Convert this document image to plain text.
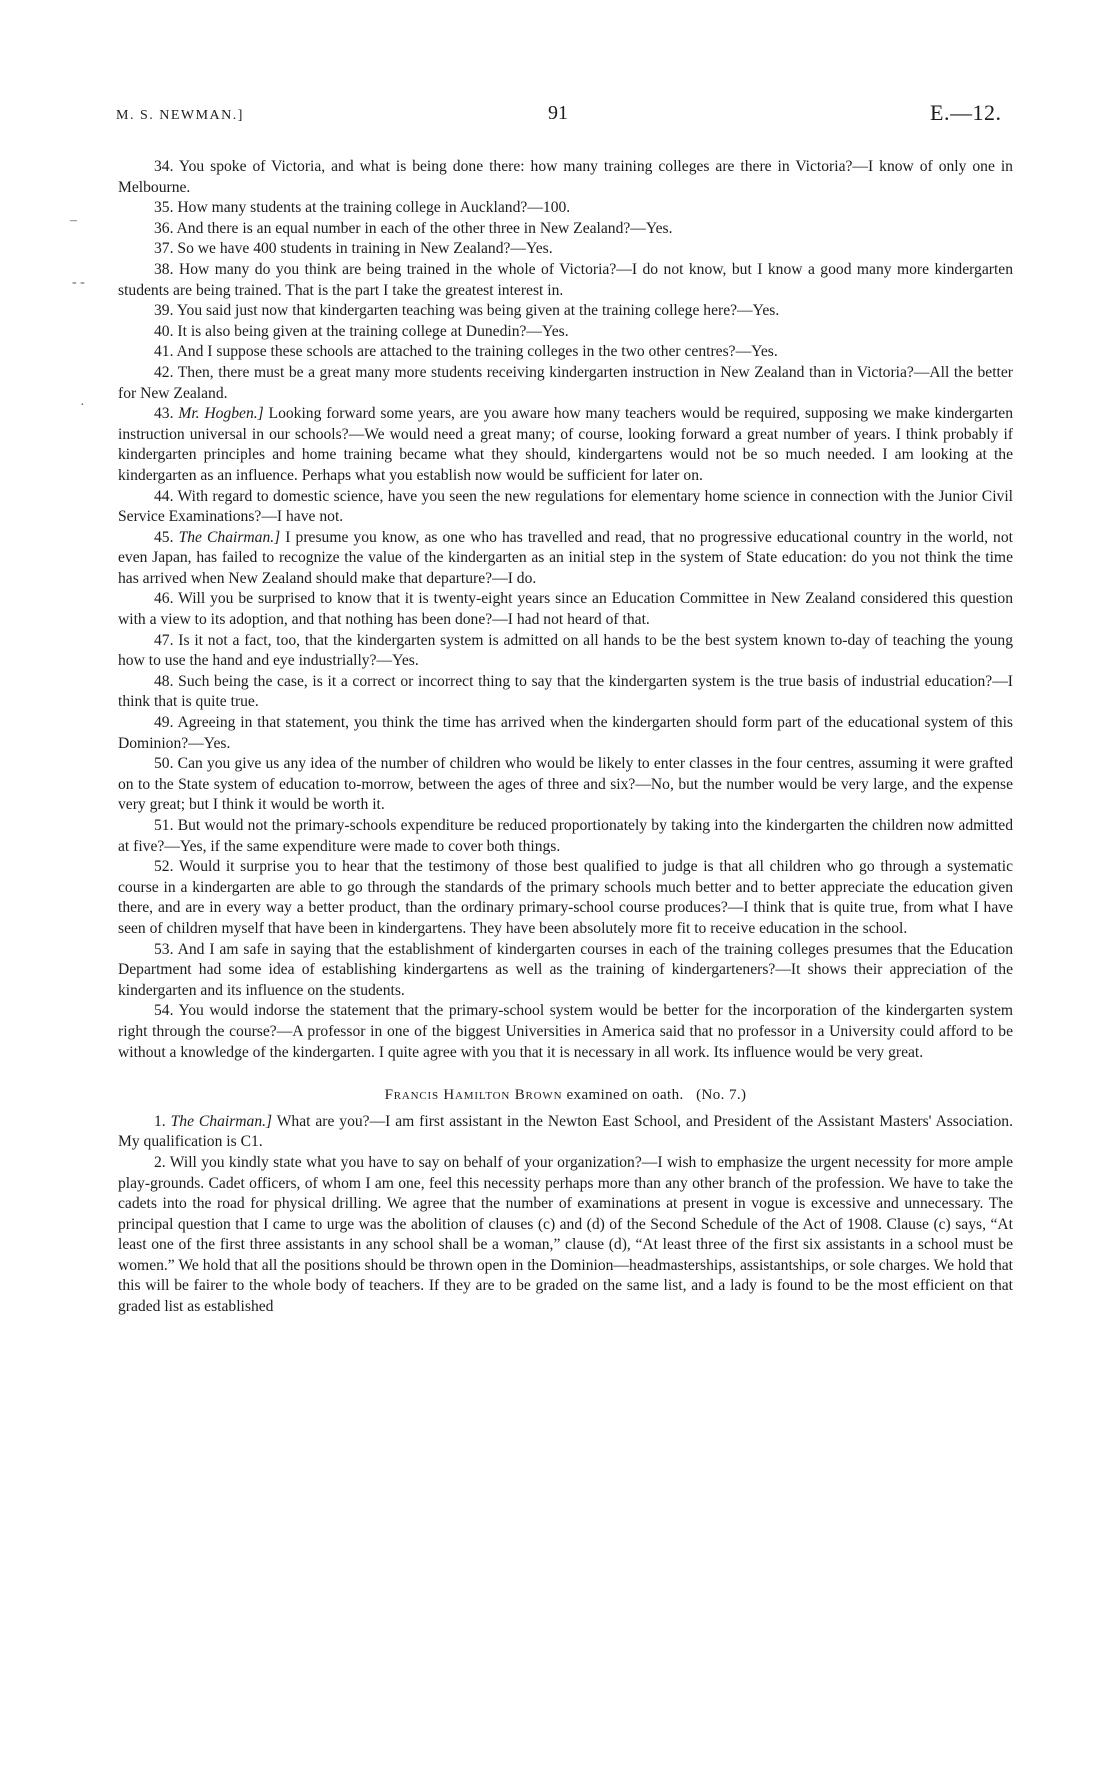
M. S. NEWMAN.]	91	E.—12.

34. You spoke of Victoria, and what is being done there: how many training colleges are there in Victoria?—I know of only one in Melbourne.

35. How many students at the training college in Auckland?—100.

36. And there is an equal number in each of the other three in New Zealand?—Yes.

37. So we have 400 students in training in New Zealand?—Yes.

38. How many do you think are being trained in the whole of Victoria?—I do not know, but I know a good many more kindergarten students are being trained. That is the part I take the greatest interest in.

39. You said just now that kindergarten teaching was being given at the training college here?—Yes.

40. It is also being given at the training college at Dunedin?—Yes.

41. And I suppose these schools are attached to the training colleges in the two other centres?—Yes.

42. Then, there must be a great many more students receiving kindergarten instruction in New Zealand than in Victoria?—All the better for New Zealand.

43. Mr. Hogben.] Looking forward some years, are you aware how many teachers would be required, supposing we make kindergarten instruction universal in our schools?—We would need a great many; of course, looking forward a great number of years. I think probably if kindergarten principles and home training became what they should, kindergartens would not be so much needed. I am looking at the kindergarten as an influence. Perhaps what you establish now would be sufficient for later on.

44. With regard to domestic science, have you seen the new regulations for elementary home science in connection with the Junior Civil Service Examinations?—I have not.

45. The Chairman.] I presume you know, as one who has travelled and read, that no progressive educational country in the world, not even Japan, has failed to recognize the value of the kindergarten as an initial step in the system of State education: do you not think the time has arrived when New Zealand should make that departure?—I do.

46. Will you be surprised to know that it is twenty-eight years since an Education Committee in New Zealand considered this question with a view to its adoption, and that nothing has been done?—I had not heard of that.

47. Is it not a fact, too, that the kindergarten system is admitted on all hands to be the best system known to-day of teaching the young how to use the hand and eye industrially?—Yes.

48. Such being the case, is it a correct or incorrect thing to say that the kindergarten system is the true basis of industrial education?—I think that is quite true.

49. Agreeing in that statement, you think the time has arrived when the kindergarten should form part of the educational system of this Dominion?—Yes.

50. Can you give us any idea of the number of children who would be likely to enter classes in the four centres, assuming it were grafted on to the State system of education to-morrow, between the ages of three and six?—No, but the number would be very large, and the expense very great; but I think it would be worth it.

51. But would not the primary-schools expenditure be reduced proportionately by taking into the kindergarten the children now admitted at five?—Yes, if the same expenditure were made to cover both things.

52. Would it surprise you to hear that the testimony of those best qualified to judge is that all children who go through a systematic course in a kindergarten are able to go through the standards of the primary schools much better and to better appreciate the education given there, and are in every way a better product, than the ordinary primary-school course produces?—I think that is quite true, from what I have seen of children myself that have been in kindergartens. They have been absolutely more fit to receive education in the school.

53. And I am safe in saying that the establishment of kindergarten courses in each of the training colleges presumes that the Education Department had some idea of establishing kindergartens as well as the training of kindergarteners?—It shows their appreciation of the kindergarten and its influence on the students.

54. You would indorse the statement that the primary-school system would be better for the incorporation of the kindergarten system right through the course?—A professor in one of the biggest Universities in America said that no professor in a University could afford to be without a knowledge of the kindergarten. I quite agree with you that it is necessary in all work. Its influence would be very great.

Francis Hamilton Brown examined on oath. (No. 7.)

1. The Chairman.] What are you?—I am first assistant in the Newton East School, and President of the Assistant Masters' Association. My qualification is C1.

2. Will you kindly state what you have to say on behalf of your organization?—I wish to emphasize the urgent necessity for more ample play-grounds. Cadet officers, of whom I am one, feel this necessity perhaps more than any other branch of the profession. We have to take the cadets into the road for physical drilling. We agree that the number of examinations at present in vogue is excessive and unnecessary. The principal question that I came to urge was the abolition of clauses (c) and (d) of the Second Schedule of the Act of 1908. Clause (c) says, “At least one of the first three assistants in any school shall be a woman,” clause (d), “At least three of the first six assistants in a school must be women.” We hold that all the positions should be thrown open in the Dominion—headmasterships, assistantships, or sole charges. We hold that this will be fairer to the whole body of teachers. If they are to be graded on the same list, and a lady is found to be the most efficient on that graded list as established

–
- -
·
